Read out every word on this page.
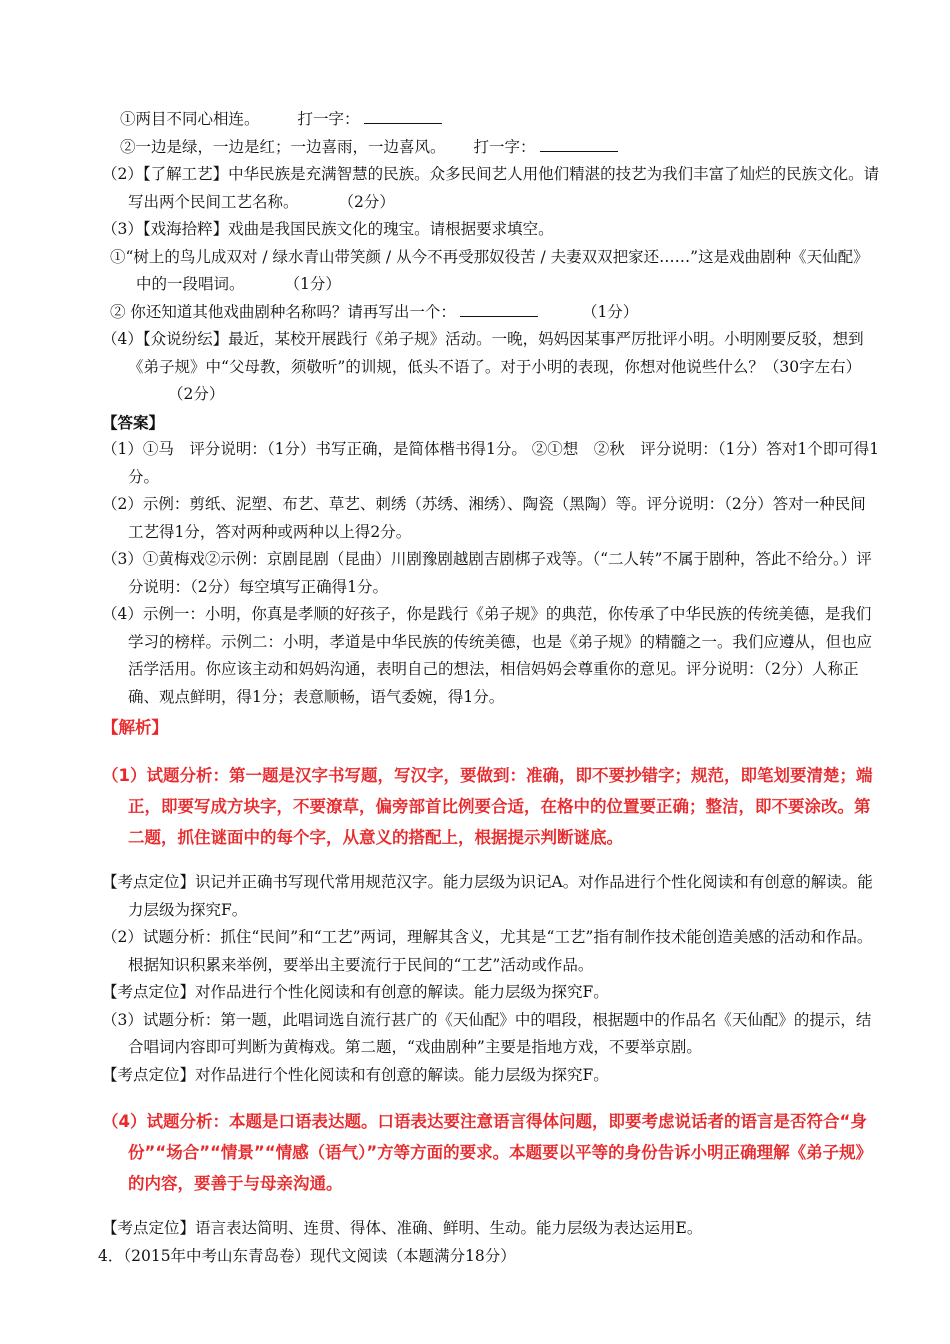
①两目不同心相连。 打一字：

②一边是绿，一边是红；一边喜雨，一边喜风。 打一字：

（2）【了解工艺】中华民族是充满智慧的民族。众多民间艺人用他们精湛的技艺为我们丰富了灿烂的民族文化。请写出两个民间工艺名称。	（2分）

（3）【戏海拾粹】戏曲是我国民族文化的瑰宝。请根据要求填空。

①“树上的鸟儿成双对 / 绿水青山带笑颜 / 从今不再受那奴役苦 / 夫妻双双把家还……”这是戏曲剧种《天仙配》中的一段唱词。	（1分）

② 你还知道其他戏曲剧种名称吗？请再写出一个：	（1分）

（4）【众说纷纭】最近，某校开展践行《弟子规》活动。一晚，妈妈因某事严厉批评小明。小明刚要反驳，想到《弟子规》中“父母教，须敬听”的训规，低头不语了。对于小明的表现，你想对他说些什么？（30字左右）（2分）

【答案】

（1）①马　评分说明：（1分）书写正确，是简体楷书得1分。 ②①想　②秋　评分说明：（1分）答对1个即可得1分。

（2）示例：剪纸、泥塑、布艺、草艺、刺绣（苏绣、湘绣）、陶瓷（黑陶）等。评分说明：（2分）答对一种民间工艺得1分，答对两种或两种以上得2分。

（3）①黄梅戏②示例：京剧昆剧（昆曲）川剧豫剧越剧吉剧梆子戏等。（“二人转”不属于剧种，答此不给分。）评分说明：（2分）每空填写正确得1分。

（4）示例一：小明，你真是孝顺的好孩子，你是践行《弟子规》的典范，你传承了中华民族的传统美德，是我们学习的榜样。示例二：小明，孝道是中华民族的传统美德，也是《弟子规》的精髓之一。我们应遵从，但也应活学活用。你应该主动和妈妈沟通，表明自己的想法，相信妈妈会尊重你的意见。评分说明：（2分）人称正确、观点鲜明，得1分；表意顺畅，语气委婉，得1分。

【解析】

（1）试题分析：第一题是汉字书写题，写汉字，要做到：准确，即不要抄错字；规范，即笔划要清楚；端正，即要写成方块字，不要潦草，偏旁部首比例要合适，在格中的位置要正确；整洁，即不要涂改。第二题，抓住谜面中的每个字，从意义的搭配上，根据提示判断谜底。

【考点定位】识记并正确书写现代常用规范汉字。能力层级为识记A。对作品进行个性化阅读和有创意的解读。能力层级为探究F。

（2）试题分析：抓住“民间”和“工艺”两词，理解其含义，尤其是“工艺”指有制作技术能创造美感的活动和作品。根据知识积累来举例，要举出主要流行于民间的“工艺”活动或作品。

【考点定位】对作品进行个性化阅读和有创意的解读。能力层级为探究F。

（3）试题分析：第一题，此唱词选自流行甚广的《天仙配》中的唱段，根据题中的作品名《天仙配》的提示，结合唱词内容即可判断为黄梅戏。第二题，“戏曲剧种”主要是指地方戏，不要举京剧。

【考点定位】对作品进行个性化阅读和有创意的解读。能力层级为探究F。

（4）试题分析：本题是口语表达题。口语表达要注意语言得体问题，即要考虑说话者的语言是否符合“身份”“场合”“情景”“情感（语气）”方等方面的要求。本题要以平等的身份告诉小明正确理解《弟子规》的内容，要善于与母亲沟通。

【考点定位】语言表达简明、连贯、得体、准确、鲜明、生动。能力层级为表达运用E。

4．（2015年中考山东青岛卷）现代文阅读（本题满分18分）
